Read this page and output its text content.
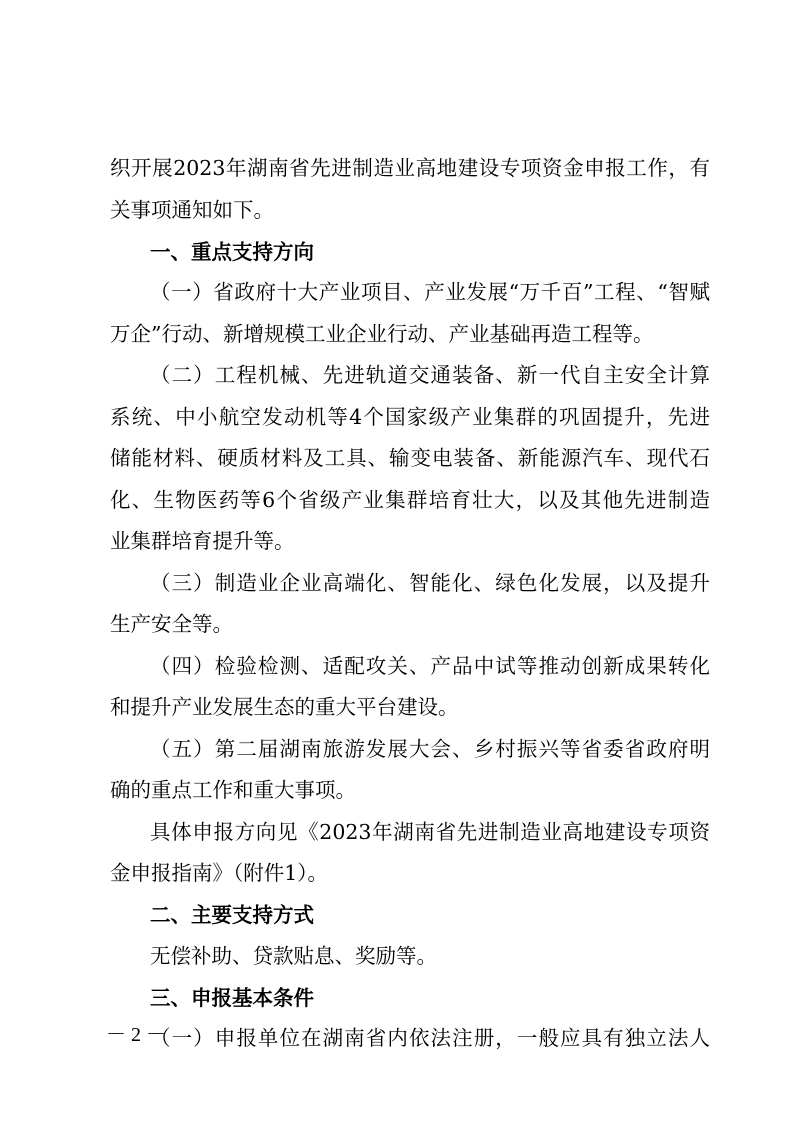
织开展2023年湖南省先进制造业高地建设专项资金申报工作，有
关事项通知如下。
一、重点支持方向
（一）省政府十大产业项目、产业发展“万千百”工程、“智赋
万企”行动、新增规模工业企业行动、产业基础再造工程等。
（二）工程机械、先进轨道交通装备、新一代自主安全计算
系统、中小航空发动机等4个国家级产业集群的巩固提升，先进
储能材料、硬质材料及工具、输变电装备、新能源汽车、现代石
化、生物医药等6个省级产业集群培育壮大，以及其他先进制造
业集群培育提升等。
（三）制造业企业高端化、智能化、绿色化发展，以及提升
生产安全等。
（四）检验检测、适配攻关、产品中试等推动创新成果转化
和提升产业发展生态的重大平台建设。
（五）第二届湖南旅游发展大会、乡村振兴等省委省政府明
确的重点工作和重大事项。
具体申报方向见《2023年湖南省先进制造业高地建设专项资
金申报指南》（附件1）。
二、主要支持方式
无偿补助、贷款贴息、奖励等。
三、申报基本条件
（一）申报单位在湖南省内依法注册，一般应具有独立法人
－ 2 －
